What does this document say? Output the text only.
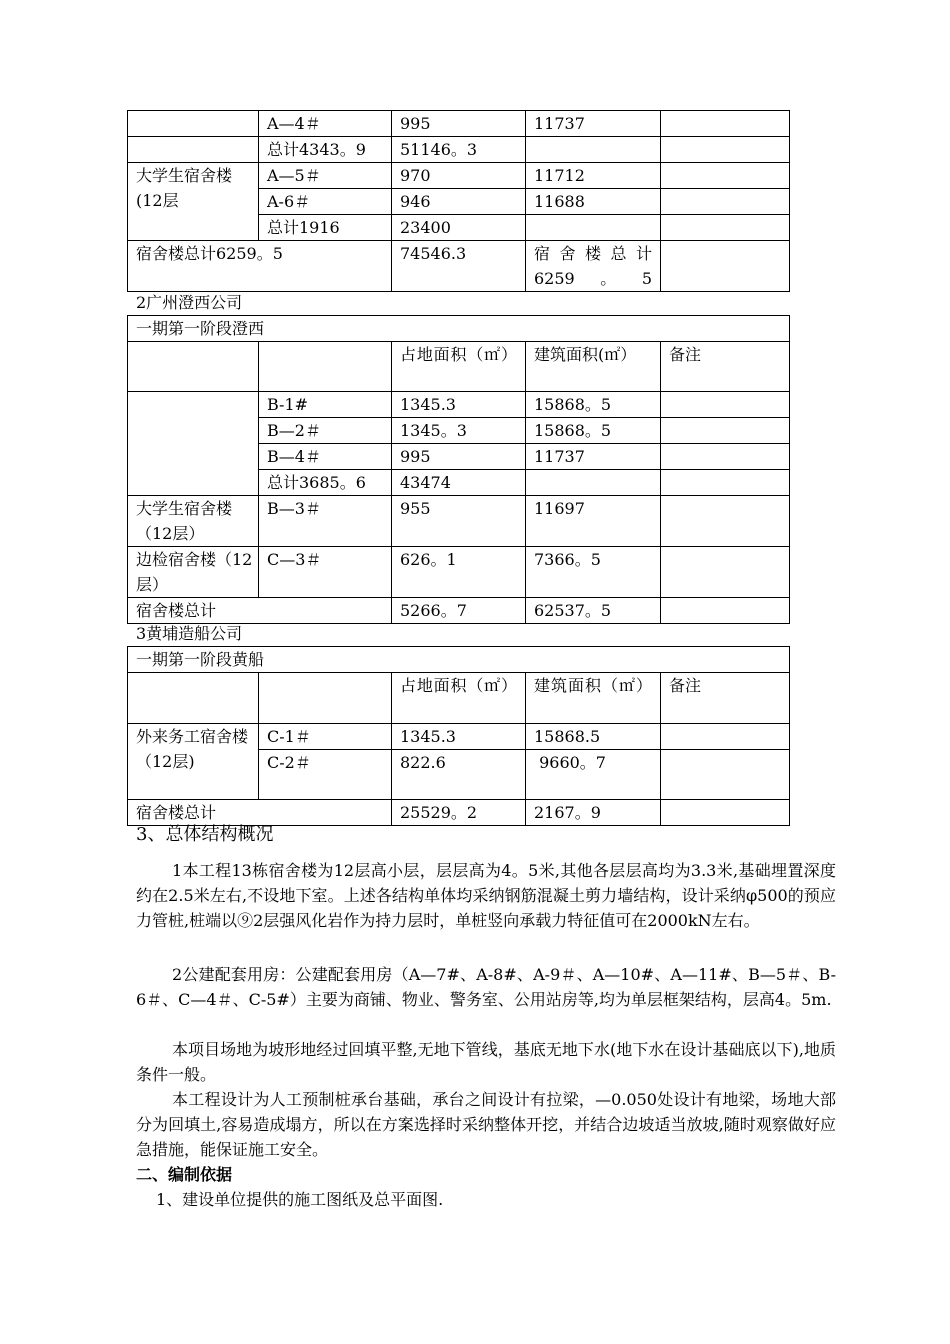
	A—4＃	995	11737	
	总计4343。9	51146。3		
大学生宿舍楼(12层	A—5＃	970	11712	
	A-6＃	946	11688	
	总计1916	23400		
宿舍楼总计6259。5		74546.3	宿舍楼总计6259。5	
2广州澄西公司
一期第一阶段澄西				
		占地面积（㎡）	建筑面积(㎡）	备注
	B-1#	1345.3	15868。5	
	B—2＃	1345。3	15868。5	
	B—4＃	995	11737	
	总计3685。6	43474		
大学生宿舍楼（12层）	B—3＃	955	11697	
边检宿舍楼（12层）	C—3＃	626。1	7366。5	
宿舍楼总计		5266。7	62537。5	
3黄埔造船公司
一期第一阶段黄船				
		占地面积（㎡）	建筑面积（㎡）	备注
外来务工宿舍楼（12层)	C-1＃	1345.3	15868.5	
	C-2＃	822.6	9660。7	
宿舍楼总计		25529。2	2167。9	
3、总体结构概况

1本工程13栋宿舍楼为12层高小层，层层高为4。5米,其他各层层高均为3.3米,基础埋置深度约在2.5米左右,不设地下室。上述各结构单体均采纳钢筋混凝土剪力墙结构，设计采纳φ500的预应力管桩,桩端以⑨2层强风化岩作为持力层时，单桩竖向承载力特征值可在2000kN左右。

2公建配套用房：公建配套用房（A—7#、A-8#、A-9＃、A—10#、A—11#、B—5＃、B-6＃、C—4＃、C-5#）主要为商铺、物业、警务室、公用站房等,均为单层框架结构，层高4。5m.

本项目场地为坡形地经过回填平整,无地下管线，基底无地下水(地下水在设计基础底以下),地质条件一般。

本工程设计为人工预制桩承台基础，承台之间设计有拉梁，—0.050处设计有地梁，场地大部分为回填土,容易造成塌方，所以在方案选择时采纳整体开挖，并结合边坡适当放坡,随时观察做好应急措施，能保证施工安全。

二、编制依据
1、建设单位提供的施工图纸及总平面图.
